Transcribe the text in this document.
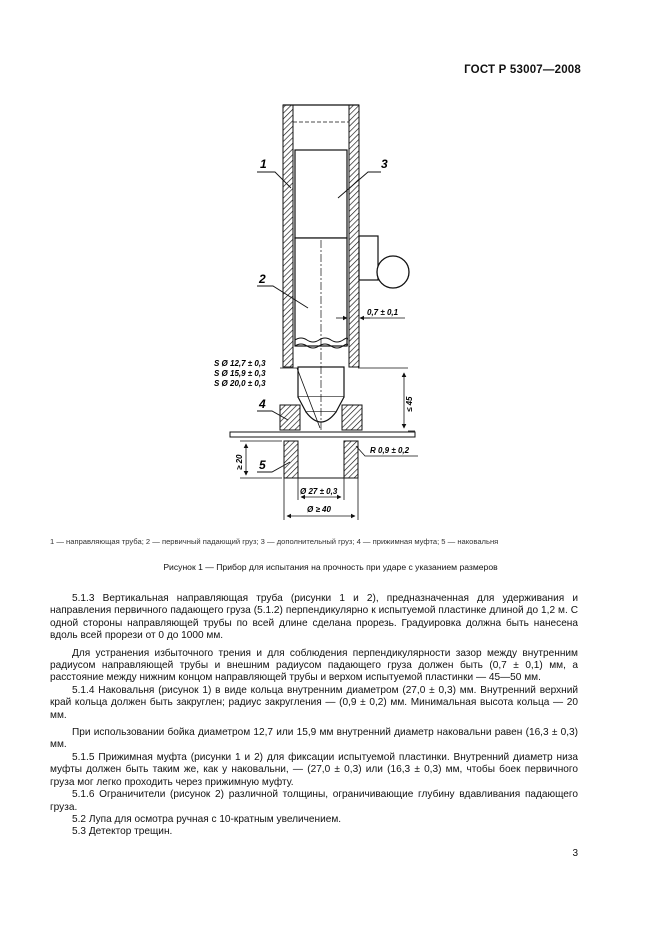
ГОСТ Р 53007—2008
1
2
3
4
5
S Ø 12,7 ± 0,3
S Ø 15,9 ± 0,3
S Ø 20,0 ± 0,3
0,7 ± 0,1
≤ 45
≥ 20
R 0,9 ± 0,2
Ø 27 ± 0,3
Ø ≥ 40
1 — направляющая труба; 2 — первичный падающий груз; 3 — дополнительный груз; 4 — прижимная муфта; 5 — наковальня
Рисунок 1 — Прибор для испытания на прочность при ударе с указанием размеров

5.1.3 Вертикальная направляющая труба (рисунки 1 и 2), предназначенная для удерживания и направления первичного падающего груза (5.1.2) перпендикулярно к испытуемой пластинке длиной до 1,2 м. С одной стороны направляющей трубы по всей длине сделана прорезь. Градуировка должна быть нанесена вдоль всей прорези от 0 до 1000 мм.

Для устранения избыточного трения и для соблюдения перпендикулярности зазор между внутренним радиусом направляющей трубы и внешним радиусом падающего груза должен быть (0,7 ± 0,1) мм, а расстояние между нижним концом направляющей трубы и верхом испытуемой пластинки — 45—50 мм.

5.1.4 Наковальня (рисунок 1) в виде кольца внутренним диаметром (27,0 ± 0,3) мм. Внутренний верхний край кольца должен быть закруглен; радиус закругления — (0,9 ± 0,2) мм. Минимальная высота кольца — 20 мм.

При использовании бойка диаметром 12,7 или 15,9 мм внутренний диаметр наковальни равен (16,3 ± 0,3) мм.

5.1.5 Прижимная муфта (рисунки 1 и 2) для фиксации испытуемой пластинки. Внутренний диаметр низа муфты должен быть таким же, как у наковальни, — (27,0 ± 0,3) или (16,3 ± 0,3) мм, чтобы боек первичного груза мог легко проходить через прижимную муфту.

5.1.6 Ограничители (рисунок 2) различной толщины, ограничивающие глубину вдавливания падающего груза.

5.2 Лупа для осмотра ручная с 10-кратным увеличением.

5.3 Детектор трещин.

3
